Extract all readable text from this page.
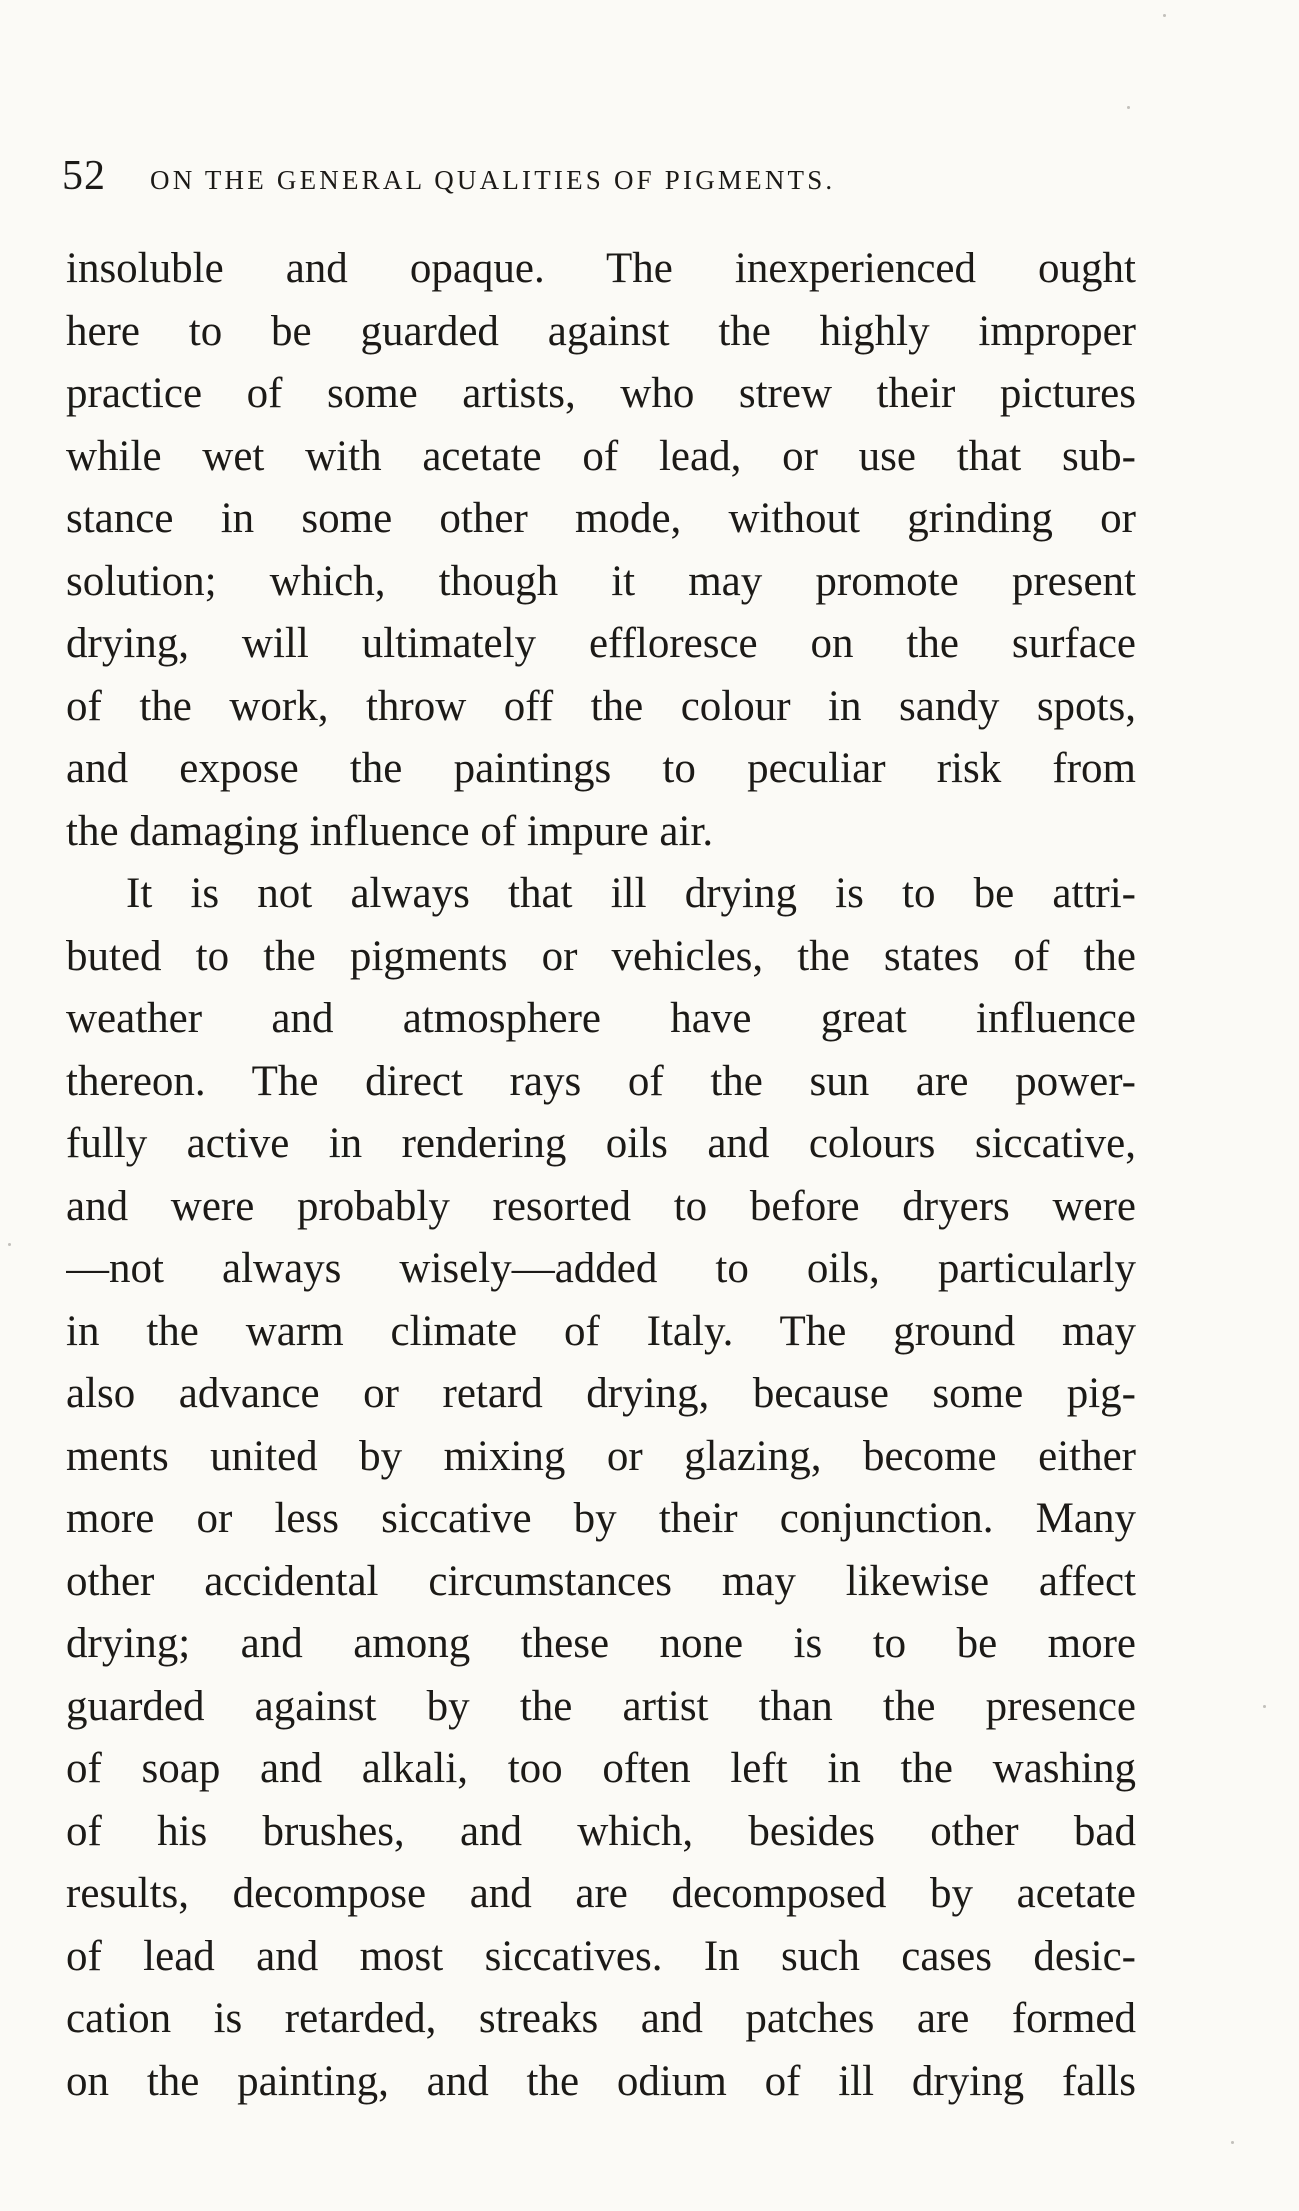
52 ON THE GENERAL QUALITIES OF PIGMENTS.
insoluble and opaque. The inexperienced ought
here to be guarded against the highly improper
practice of some artists, who strew their pictures
while wet with acetate of lead, or use that sub-
stance in some other mode, without grinding or
solution; which, though it may promote present
drying, will ultimately effloresce on the surface
of the work, throw off the colour in sandy spots,
and expose the paintings to peculiar risk from
the damaging influence of impure air.
It is not always that ill drying is to be attri-
buted to the pigments or vehicles, the states of the
weather and atmosphere have great influence
thereon. The direct rays of the sun are power-
fully active in rendering oils and colours siccative,
and were probably resorted to before dryers were
—not always wisely—added to oils, particularly
in the warm climate of Italy. The ground may
also advance or retard drying, because some pig-
ments united by mixing or glazing, become either
more or less siccative by their conjunction. Many
other accidental circumstances may likewise affect
drying; and among these none is to be more
guarded against by the artist than the presence
of soap and alkali, too often left in the washing
of his brushes, and which, besides other bad
results, decompose and are decomposed by acetate
of lead and most siccatives. In such cases desic-
cation is retarded, streaks and patches are formed
on the painting, and the odium of ill drying falls
